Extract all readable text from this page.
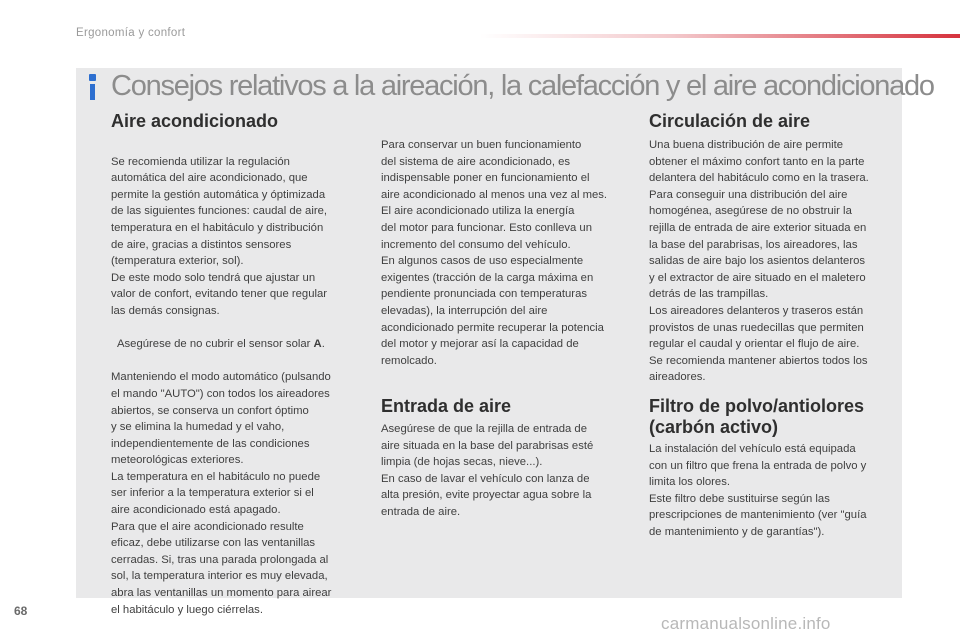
Ergonomía y confort
Consejos relativos a la aireación, la calefacción y el aire acondicionado
Aire acondicionado

Se recomienda utilizar la regulación
automática del aire acondicionado, que
permite la gestión automática y óptimizada
de las siguientes funciones: caudal de aire,
temperatura en el habitáculo y distribución
de aire, gracias a distintos sensores
(temperatura exterior, sol).
De este modo solo tendrá que ajustar un
valor de confort, evitando tener que regular
las demás consignas.

Asegúrese de no cubrir el sensor solar A.

Manteniendo el modo automático (pulsando
el mando "AUTO") con todos los aireadores
abiertos, se conserva un confort óptimo
y se elimina la humedad y el vaho,
independientemente de las condiciones
meteorológicas exteriores.
La temperatura en el habitáculo no puede
ser inferior a la temperatura exterior si el
aire acondicionado está apagado.
Para que el aire acondicionado resulte
eficaz, debe utilizarse con las ventanillas
cerradas. Si, tras una parada prolongada al
sol, la temperatura interior es muy elevada,
abra las ventanillas un momento para airear
el habitáculo y luego ciérrelas.

Para conservar un buen funcionamiento
del sistema de aire acondicionado, es
indispensable poner en funcionamiento el
aire acondicionado al menos una vez al mes.
El aire acondicionado utiliza la energía
del motor para funcionar. Esto conlleva un
incremento del consumo del vehículo.
En algunos casos de uso especialmente
exigentes (tracción de la carga máxima en
pendiente pronunciada con temperaturas
elevadas), la interrupción del aire
acondicionado permite recuperar la potencia
del motor y mejorar así la capacidad de
remolcado.
Entrada de aire
Asegúrese de que la rejilla de entrada de
aire situada en la base del parabrisas esté
limpia (de hojas secas, nieve...).
En caso de lavar el vehículo con lanza de
alta presión, evite proyectar agua sobre la
entrada de aire.
Circulación de aire
Una buena distribución de aire permite
obtener el máximo confort tanto en la parte
delantera del habitáculo como en la trasera.
Para conseguir una distribución del aire
homogénea, asegúrese de no obstruir la
rejilla de entrada de aire exterior situada en
la base del parabrisas, los aireadores, las
salidas de aire bajo los asientos delanteros
y el extractor de aire situado en el maletero
detrás de las trampillas.
Los aireadores delanteros y traseros están
provistos de unas ruedecillas que permiten
regular el caudal y orientar el flujo de aire.
Se recomienda mantener abiertos todos los
aireadores.
Filtro de polvo/antiolores
(carbón activo)
La instalación del vehículo está equipada
con un filtro que frena la entrada de polvo y
limita los olores.
Este filtro debe sustituirse según las
prescripciones de mantenimiento (ver "guía
de mantenimiento y de garantías").
68
carmanualsonline.info
